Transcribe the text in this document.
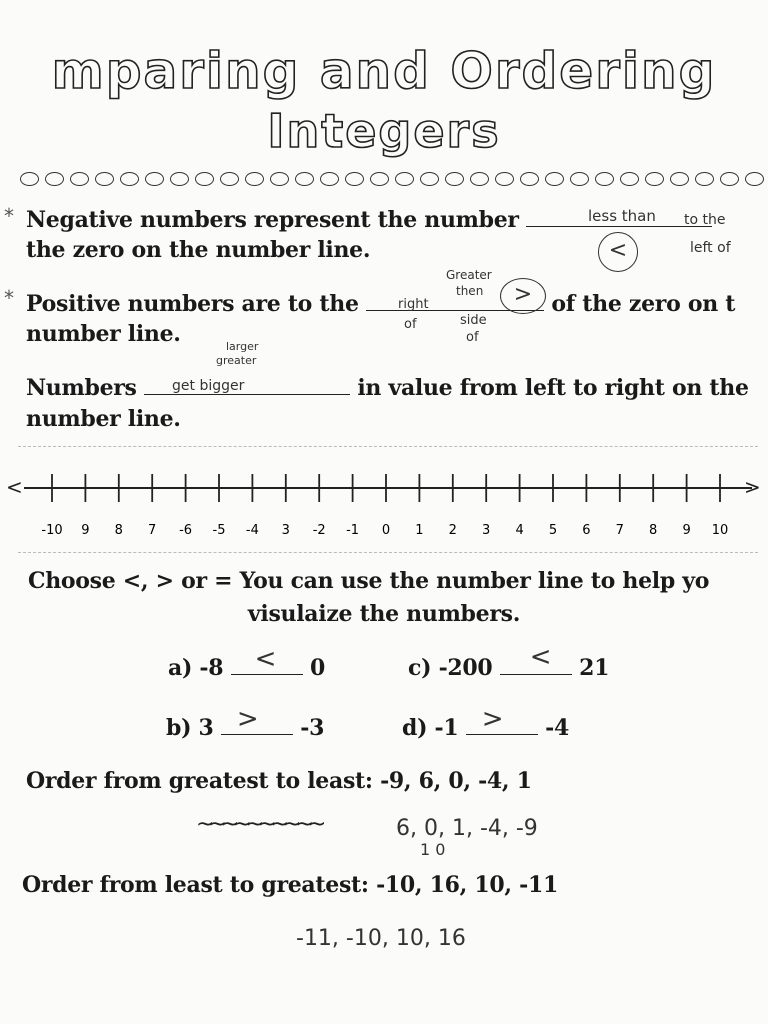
mparing and Ordering
Integers
* Negative numbers represent the number
the zero on the number line.
less than to the
left of
<
* Positive numbers are to the	of the zero on t
number line.
Greater
then
right
of	side
of
>
Numbers	in value from left to right on the
number line.
larger
greater
get bigger
-10 9 8 7 -6 -5 -4 3 -2 -1 0 1 2 3 4 5 6 7 8 9 10
<	>
Choose <, > or = You can use the number line to help yo
visulaize the numbers.
a) -8 < 0	c) -200 < 21
b) 3 > -3	d) -1 > -4
Order from greatest to least: -9, 6, 0, -4, 1
~~~~~~~~~~	6, 0, 1, -4, -9
1 0
Order from least to greatest: -10, 16, 10, -11
-11, -10, 10, 16
